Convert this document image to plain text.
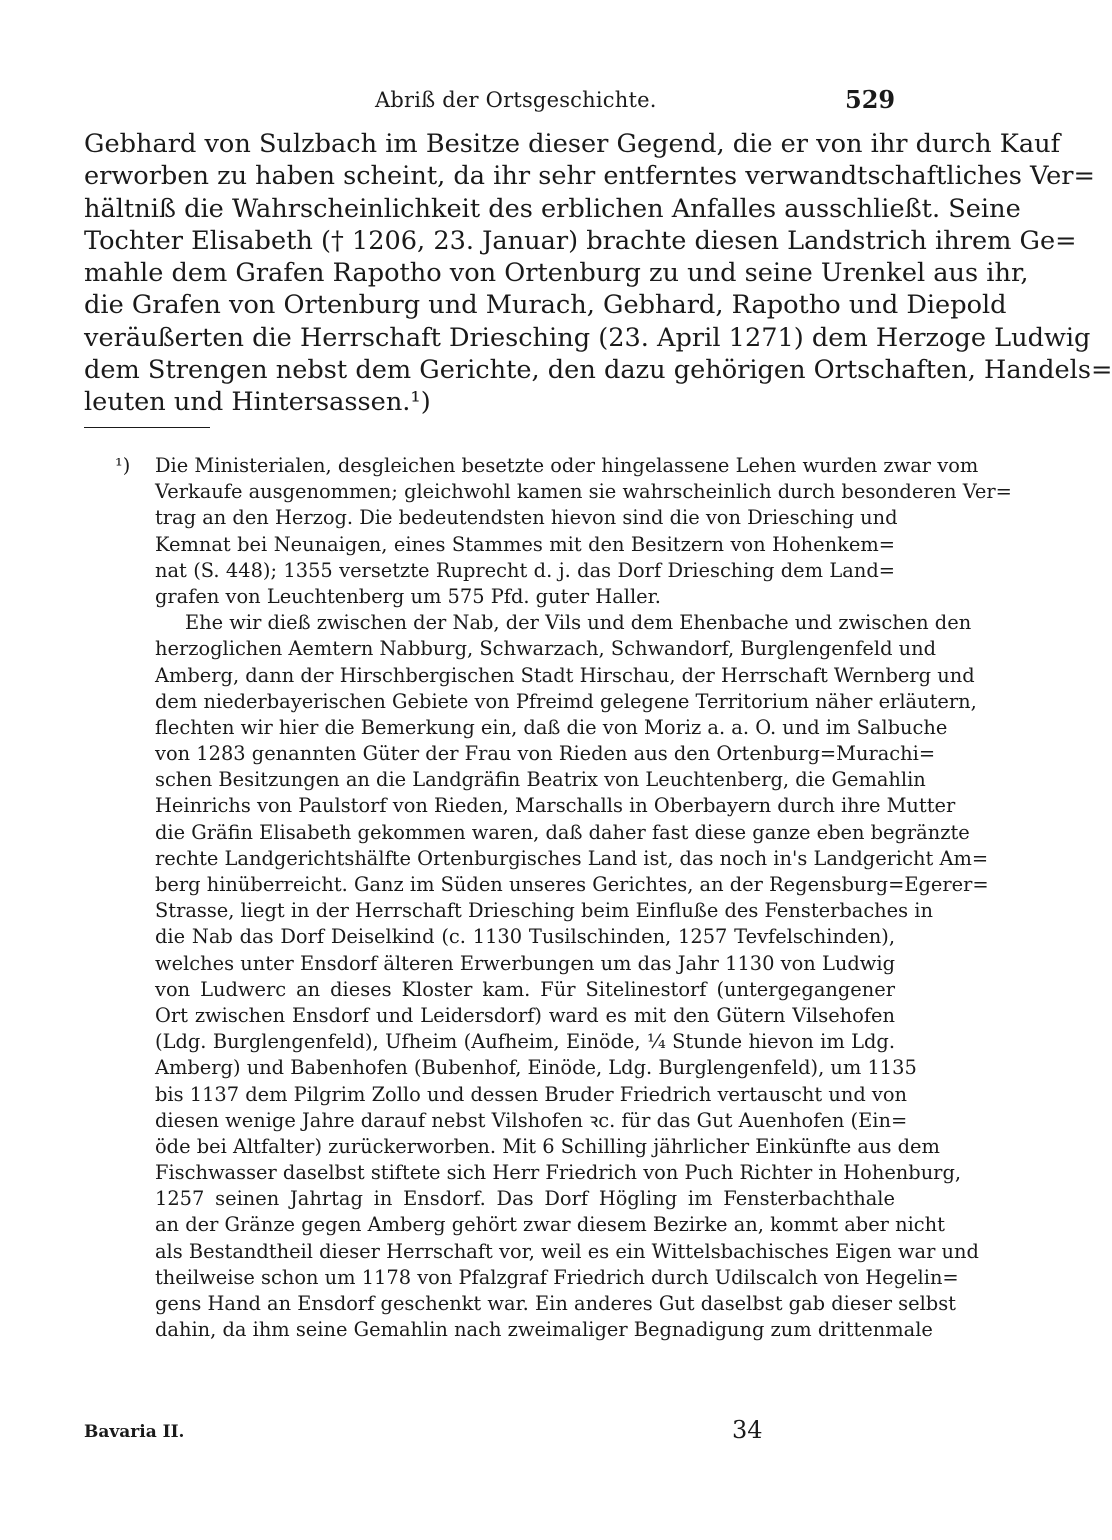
Abriß der Ortsgeschichte.	529
Gebhard von Sulzbach im Besitze dieser Gegend, die er von ihr durch Kauf
erworben zu haben scheint, da ihr sehr entferntes verwandtschaftliches Ver=
hältniß die Wahrscheinlichkeit des erblichen Anfalles ausschließt. Seine
Tochter Elisabeth († 1206, 23. Januar) brachte diesen Landstrich ihrem Ge=
mahle dem Grafen Rapotho von Ortenburg zu und seine Urenkel aus ihr,
die Grafen von Ortenburg und Murach, Gebhard, Rapotho und Diepold
veräußerten die Herrschaft Driesching (23. April 1271) dem Herzoge Ludwig
dem Strengen nebst dem Gerichte, den dazu gehörigen Ortschaften, Handels=
leuten und Hintersassen.¹)
¹) Die Ministerialen, desgleichen besetzte oder hingelassene Lehen wurden zwar vom
Verkaufe ausgenommen; gleichwohl kamen sie wahrscheinlich durch besonderen Ver=
trag an den Herzog. Die bedeutendsten hievon sind die von Driesching und
Kemnat bei Neunaigen, eines Stammes mit den Besitzern von Hohenkem=
nat (S. 448); 1355 versetzte Ruprecht d. j. das Dorf Driesching dem Land=
grafen von Leuchtenberg um 575 Pfd. guter Haller.
Ehe wir dieß zwischen der Nab, der Vils und dem Ehenbache und zwischen den
herzoglichen Aemtern Nabburg, Schwarzach, Schwandorf, Burglengenfeld und
Amberg, dann der Hirschbergischen Stadt Hirschau, der Herrschaft Wernberg und
dem niederbayerischen Gebiete von Pfreimd gelegene Territorium näher erläutern,
flechten wir hier die Bemerkung ein, daß die von Moriz a. a. O. und im Salbuche
von 1283 genannten Güter der Frau von Rieden aus den Ortenburg=Murachi=
schen Besitzungen an die Landgräfin Beatrix von Leuchtenberg, die Gemahlin
Heinrichs von Paulstorf von Rieden, Marschalls in Oberbayern durch ihre Mutter
die Gräfin Elisabeth gekommen waren, daß daher fast diese ganze eben begränzte
rechte Landgerichtshälfte Ortenburgisches Land ist, das noch in's Landgericht Am=
berg hinüberreicht. Ganz im Süden unseres Gerichtes, an der Regensburg=Egerer=
Strasse, liegt in der Herrschaft Driesching beim Einfluße des Fensterbaches in
die Nab das Dorf Deiselkind (c. 1130 Tusilschinden, 1257 Tevfelschinden),
welches unter Ensdorf älteren Erwerbungen um das Jahr 1130 von Ludwig
von Ludwerc an dieses Kloster kam. Für Sitelinestorf (untergegangener
Ort zwischen Ensdorf und Leidersdorf) ward es mit den Gütern Vilsehofen
(Ldg. Burglengenfeld), Ufheim (Aufheim, Einöde, ¼ Stunde hievon im Ldg.
Amberg) und Babenhofen (Bubenhof, Einöde, Ldg. Burglengenfeld), um 1135
bis 1137 dem Pilgrim Zollo und dessen Bruder Friedrich vertauscht und von
diesen wenige Jahre darauf nebst Vilshofen ꝛc. für das Gut Auenhofen (Ein=
öde bei Altfalter) zurückerworben. Mit 6 Schilling jährlicher Einkünfte aus dem
Fischwasser daselbst stiftete sich Herr Friedrich von Puch Richter in Hohenburg,
1257 seinen Jahrtag in Ensdorf. Das Dorf Högling im Fensterbachthale
an der Gränze gegen Amberg gehört zwar diesem Bezirke an, kommt aber nicht
als Bestandtheil dieser Herrschaft vor, weil es ein Wittelsbachisches Eigen war und
theilweise schon um 1178 von Pfalzgraf Friedrich durch Udilscalch von Hegelin=
gens Hand an Ensdorf geschenkt war. Ein anderes Gut daselbst gab dieser selbst
dahin, da ihm seine Gemahlin nach zweimaliger Begnadigung zum drittenmale
Bavaria II.	34
